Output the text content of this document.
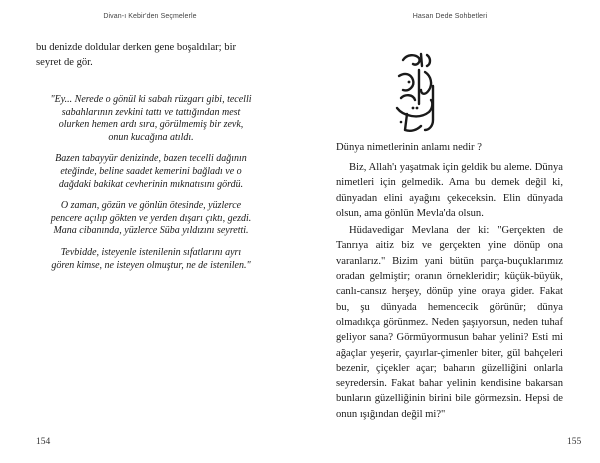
Divan-ı Kebir'den Seçmelerle

bu denizde doldular derken gene boşaldılar; bir seyret de gör.

"Ey... Nerede o gönül ki sabah rüzgarı gibi, tecelli
sabahlarının zevkini tattı ve tattığından mest
olurken hemen ardı sıra, görülmemiş bir zevk,
onun kucağına atıldı.
Bazen tabayyür denizinde, bazen tecelli dağının
eteğinde, beline saadet kemerini bağladı ve o
dağdaki bakikat cevherinin mıknatısını gördü.
O zaman, gözün ve gönlün ötesinde, yüzlerce
pencere açılıp gökten ve yerden dışarı çıktı, gezdi.
Mana cibanında, yüzlerce Süba yıldızını seyretti.
Tevbidde, isteyenle istenilenin sıfatlarını ayrı
gören kimse, ne isteyen olmuştur, ne de istenilen."
154
Hasan Dede Sohbetleri
Dünya nimetlerinin anlamı nedir ?

Biz, Allah'ı yaşatmak için geldik bu aleme. Dünya nimetleri için gelmedik. Ama bu demek değil ki, dünyadan elini ayağını çekeceksin. Elin dünyada olsun, ama gönlün Mevla'da olsun.

Hüdavedigar Mevlana der ki: "Gerçekten de Tanrıya aitiz biz ve gerçekten yine dönüp ona varanlarız." Bizim yani bütün parça-buçuklarımız oradan gelmiştir; oranın örnekleridir; küçük-büyük, canlı-cansız herşey, dönüp yine oraya gider. Fakat bu, şu dünyada hemencecik görünür; dünya olmadıkça görünmez. Neden şaşıyorsun, neden tuhaf geliyor sana? Görmüyormusun bahar yelini? Esti mi ağaçlar yeşerir, çayırlar-çimenler biter, gül bahçeleri bezenir, çiçekler açar; baharın güzelliğini onlarla seyredersin. Fakat bahar yelinin kendisine bakarsan bunların güzelliğinin birini bile görmezsin. Hepsi de onun ışığından değil mi?"

155
